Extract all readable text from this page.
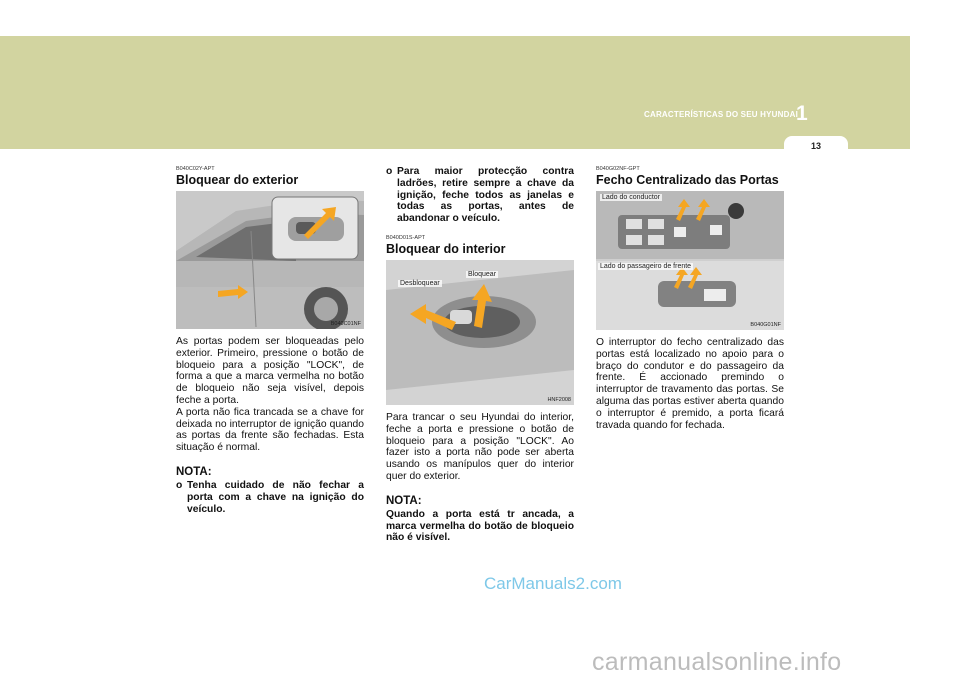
CARACTERÍSTICAS DO SEU HYUNDAI
1
13

B040C02Y-APT

Bloquear do exterior

B040C01NF

As portas podem ser bloqueadas pelo exterior. Primeiro, pressione o botão de bloqueio para a posição "LOCK", de forma a que a marca vermelha no botão de bloqueio não seja visível, depois feche a porta.

A porta não fica trancada se a chave for deixada no interruptor de ignição quando as portas da frente são fechadas. Esta situação é normal.

NOTA:

o Tenha cuidado de não fechar a porta com a chave na ignição do veículo.
o Para maior protecção contra ladrões, retire sempre a chave da ignição, feche todos as janelas e todas as portas, antes de abandonar o veículo.

B040D01S-APT

Bloquear do interior

Desbloquear
Bloquear
HNF2008

Para trancar o seu Hyundai do interior, feche a porta e pressione o botão de bloqueio para a posição "LOCK". Ao fazer isto a porta não pode ser aberta usando os manípulos quer do interior quer do exterior.

NOTA:

Quando a porta está tr ancada, a marca vermelha do botão de bloqueio não é visível.

B040G02NF-GPT

Fecho Centralizado das Portas

Lado do conductor
Lado do passageiro de frente
B040G01NF

O interruptor do fecho centralizado das portas está localizado no apoio para o braço do condutor e do passageiro da frente. É accionado premindo o interruptor de travamento das portas. Se alguma das portas estiver aberta quando o interruptor é premido, a porta ficará travada quando for fechada.

CarManuals2.com
carmanualsonline.info
